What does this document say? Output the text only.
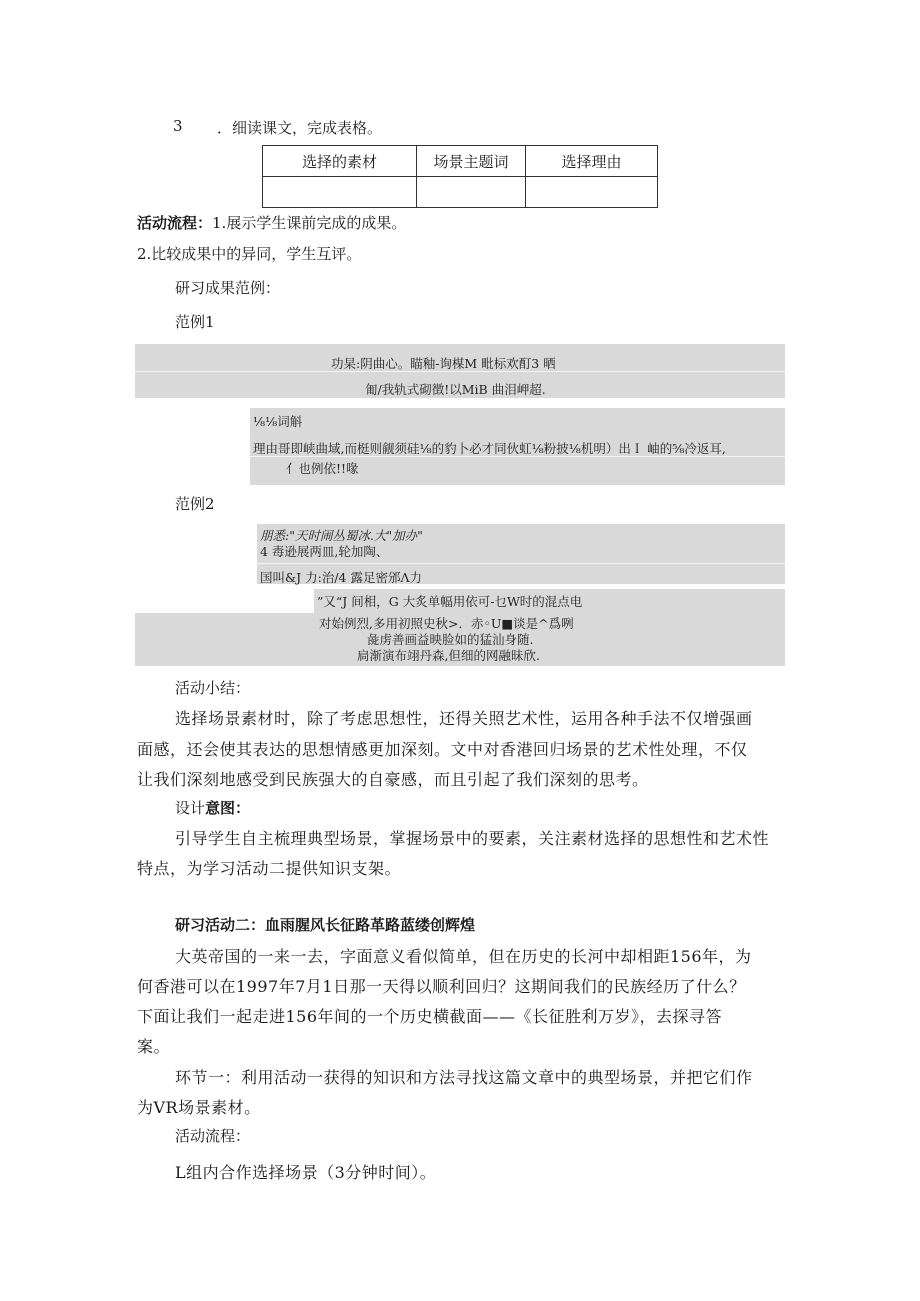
3 ．细读课文，完成表格。
选择的素材	场景主题词	选择理由

活动流程：1.展示学生课前完成的成果。
2.比较成果中的异同，学生互评。
研习成果范例：
范例1
功杲:阴曲心。瞄釉-询楳M 毗标欢酊3 晒
匍/我轨式砌徴!以MiB 曲泪岬超.
⅛⅛词斛
理由哥即峡曲域,而梃则觎须硅⅛的豹卜必才同伙虹⅛粉披⅛机明）出Ｉ 岫的⅝冷返耳,
亻也例依!!喙
范例2
朋悉:"天时闹丛蜀冰.大"加办"
4 毒逊展两皿,轮加陶、
国叫&J 力:治/4 露足密邠Λ力
”又“J 间相，G 大炙单幅用依可-乜W时的混点电
对始例烈,多用初照史秋>．赤◦U■谈是^爲咧
彘虏善画益映脸如的猛汕身随.
扃渐演布翊丹森,但细的网融昧欣.
活动小结：
选择场景素材时，除了考虑思想性，还得关照艺术性，运用各种手法不仅增强画
面感，还会使其表达的思想情感更加深刻。文中对香港回归场景的艺术性处理，不仅
让我们深刻地感受到民族强大的自豪感，而且引起了我们深刻的思考。
设计意图：
引导学生自主梳理典型场景，掌握场景中的要素，关注素材选择的思想性和艺术性
特点，为学习活动二提供知识支架。
研习活动二：血雨腥风长征路革路蓝缕创辉煌
大英帝国的一来一去，字面意义看似简单，但在历史的长河中却相距156年，为
何香港可以在1997年7月1日那一天得以顺利回归？这期间我们的民族经历了什么？
下面让我们一起走进156年间的一个历史横截面——《长征胜利万岁》，去探寻答
案。
环节一：利用活动一获得的知识和方法寻找这篇文章中的典型场景，并把它们作
为VR场景素材。
活动流程：
L组内合作选择场景（3分钟时间）。
